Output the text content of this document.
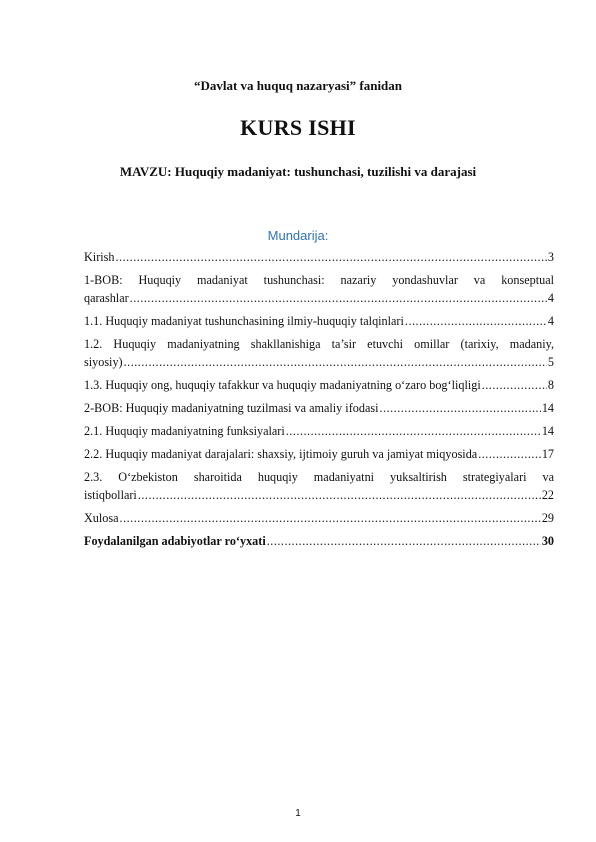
“Davlat va huquq nazaryasi” fanidan
KURS ISHI
MAVZU: Huquqiy madaniyat: tushunchasi, tuzilishi va darajasi
Mundarija:
Kirish .....	3
1-BOB: Huquqiy madaniyat tushunchasi: nazariy yondashuvlar va konseptual
qarashlar .....	4
1.1. Huquqiy madaniyat tushunchasining ilmiy-huquqiy talqinlari .....	4
1.2. Huquqiy madaniyatning shakllanishiga ta’sir etuvchi omillar (tarixiy, madaniy,
siyosiy) .....	5
1.3. Huquqiy ong, huquqiy tafakkur va huquqiy madaniyatning o‘zaro bog‘liqligi .....	8
2-BOB: Huquqiy madaniyatning tuzilmasi va amaliy ifodasi .....	14
2.1. Huquqiy madaniyatning funksiyalari .....	14
2.2. Huquqiy madaniyat darajalari: shaxsiy, ijtimoiy guruh va jamiyat miqyosida .....	17
2.3. O‘zbekiston sharoitida huquqiy madaniyatni yuksaltirish strategiyalari va
istiqbollari .....	22
Xulosa .....	29
Foydalanilgan adabiyotlar ro‘yxati .....	30
1
